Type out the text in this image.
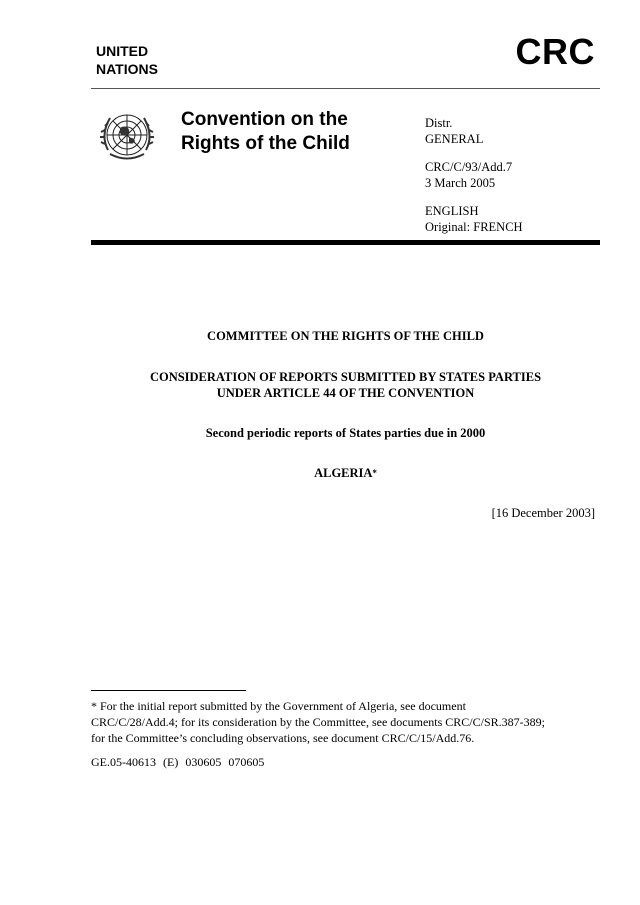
UNITED
NATIONS	CRC
Convention on the
Rights of the Child
Distr.
GENERAL
CRC/C/93/Add.7
3 March 2005
ENGLISH
Original: FRENCH
COMMITTEE ON THE RIGHTS OF THE CHILD
CONSIDERATION OF REPORTS SUBMITTED BY STATES PARTIES
UNDER ARTICLE 44 OF THE CONVENTION
Second periodic reports of States parties due in 2000
ALGERIA*
[16 December 2003]
* For the initial report submitted by the Government of Algeria, see document
CRC/C/28/Add.4; for its consideration by the Committee, see documents CRC/C/SR.387-389;
for the Committee’s concluding observations, see document CRC/C/15/Add.76.
GE.05-40613 (E) 030605 070605
